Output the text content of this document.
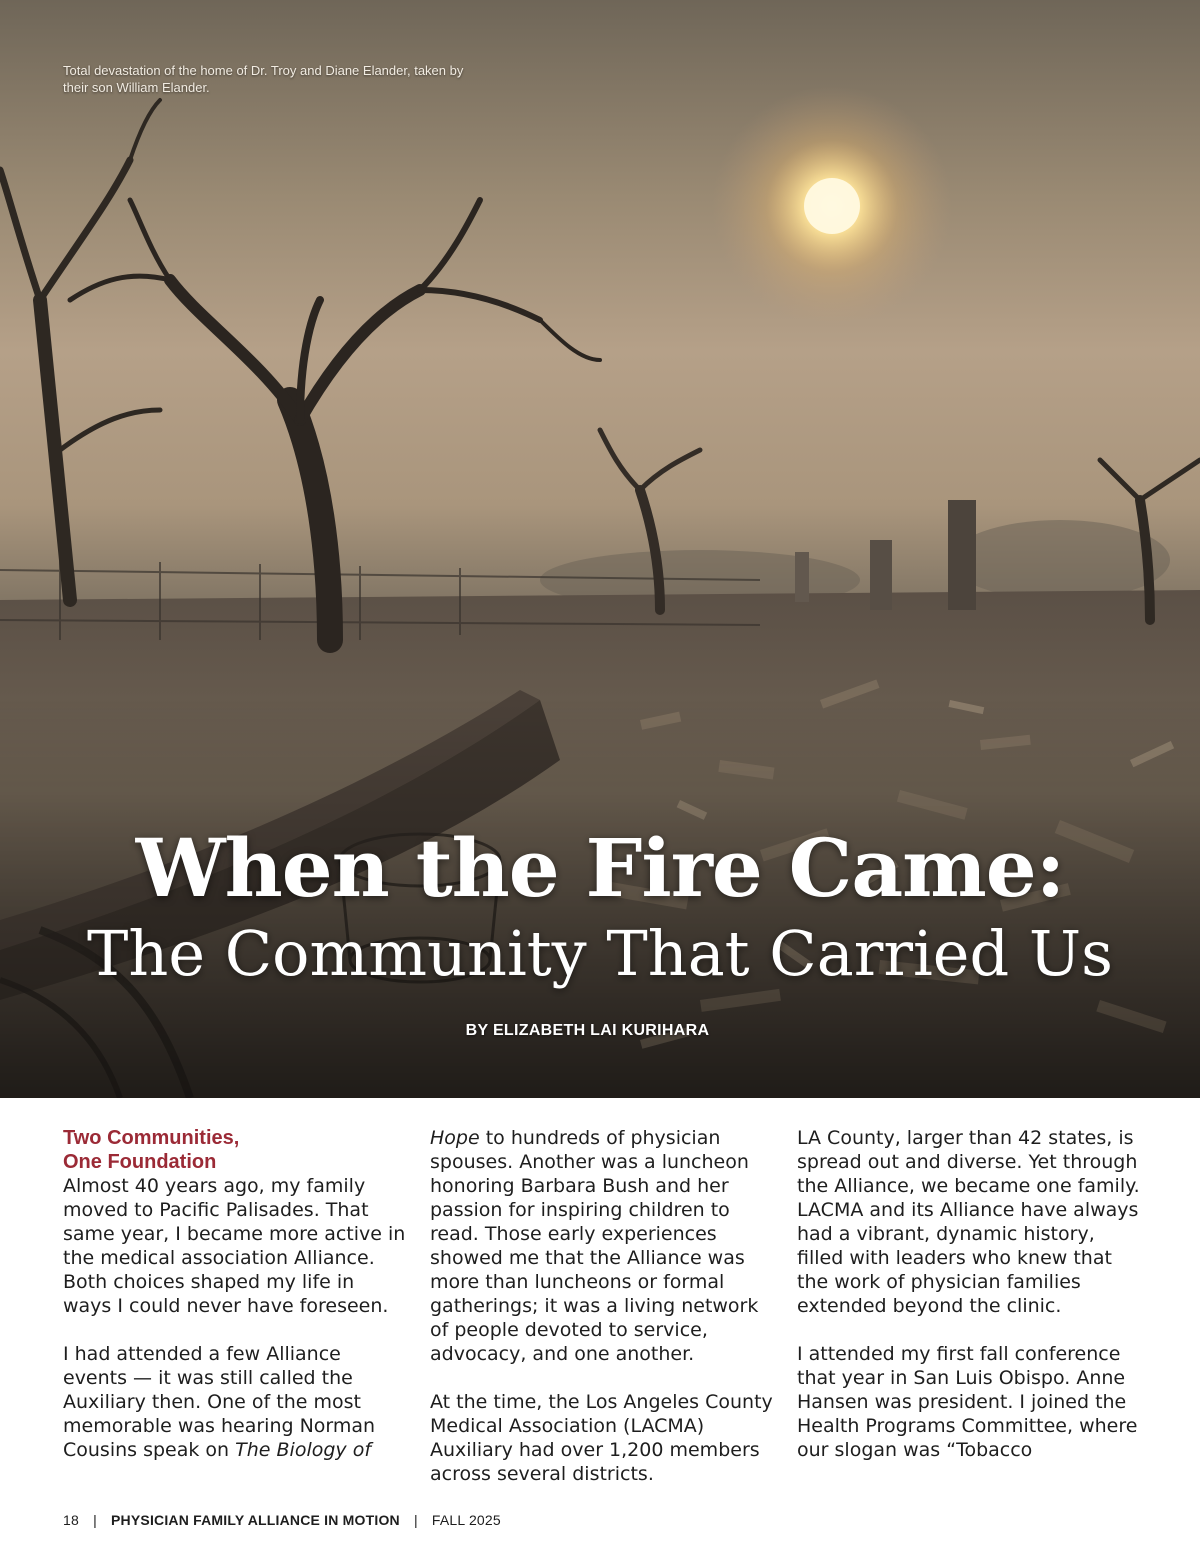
Total devastation of the home of Dr. Troy and Diane Elander, taken by their son William Elander.
When the Fire Came:
The Community That Carried Us
BY ELIZABETH LAI KURIHARA
Two Communities,
One Foundation

Almost 40 years ago, my family moved to Pacific Palisades. That same year, I became more active in the medical association Alliance. Both choices shaped my life in ways I could never have foreseen.

I had attended a few Alliance events — it was still called the Auxiliary then. One of the most memorable was hearing Norman Cousins speak on The Biology of

Hope to hundreds of physician spouses. Another was a luncheon honoring Barbara Bush and her passion for inspiring children to read. Those early experiences showed me that the Alliance was more than luncheons or formal gatherings; it was a living network of people devoted to service, advocacy, and one another.

At the time, the Los Angeles County Medical Association (LACMA) Auxiliary had over 1,200 members across several districts.

LA County, larger than 42 states, is spread out and diverse. Yet through the Alliance, we became one family. LACMA and its Alliance have always had a vibrant, dynamic history, filled with leaders who knew that the work of physician families extended beyond the clinic.

I attended my first fall conference that year in San Luis Obispo. Anne Hansen was president. I joined the Health Programs Committee, where our slogan was “Tobacco

18 | PHYSICIAN FAMILY ALLIANCE IN MOTION | FALL 2025
